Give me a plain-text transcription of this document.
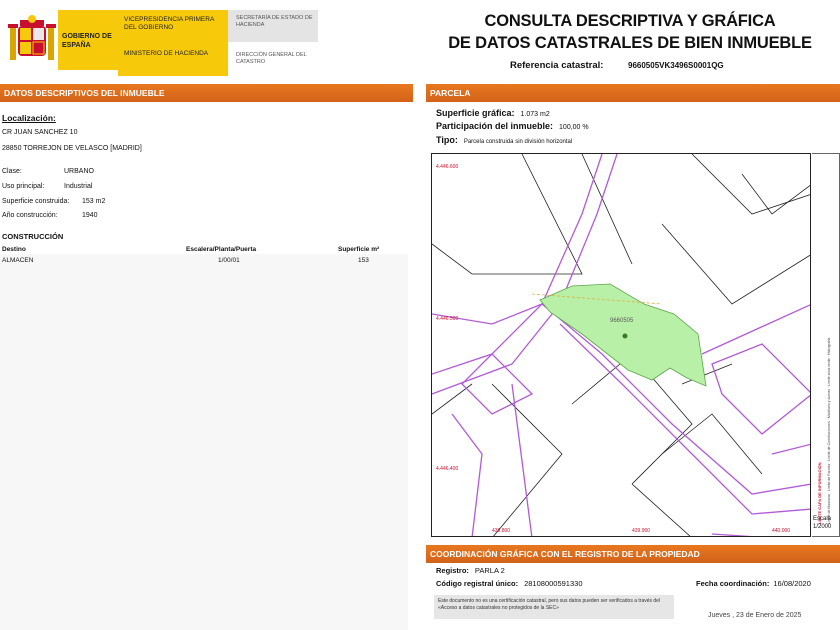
GOBIERNO DE ESPAÑA
VICEPRESIDENCIA PRIMERA DEL GOBIERNO
MINISTERIO DE HACIENDA
SECRETARÍA DE ESTADO DE HACIENDA
DIRECCIÓN GENERAL DEL CATASTRO
CONSULTA DESCRIPTIVA Y GRÁFICA
DE DATOS CATASTRALES DE BIEN INMUEBLE
Referencia catastral:	9660505VK3496S0001QG
DATOS DESCRIPTIVOS DEL INMUEBLE
Localización:
CR JUAN SANCHEZ 10
28850 TORREJON DE VELASCO [MADRID]
Clase:	URBANO
Uso principal:	Industrial
Superficie construida: 153 m2
Año construcción:	1940
CONSTRUCCIÓN
Destino	Escalera/Planta/Puerta	Superficie m²
ALMACEN	1/00/01	153
PARCELA
Superficie gráfica: 1.073 m2
Participación del inmueble: 100,00 %
Tipo: Parcela construida sin división horizontal
9660505
4.446.600
4.446.500
4.446.400
439.800	439.900	440.000
LÍMITE CAPA DE INFORMACIÓN Límite de Manzana · Límite de Parcela · Límite de Construcciones · Mobiliario y aceras · Límite zona verde · Hidrografía
Escala 1/2000
COORDINACIÓN GRÁFICA CON EL REGISTRO DE LA PROPIEDAD
Registro: PARLA 2
Código registral único: 28108000591330	Fecha coordinación: 16/08/2020
Este documento no es una certificación catastral, pero sus datos pueden ser verificados a través del «Acceso a datos catastrales no protegidos de la SEC»
Jueves , 23 de Enero de 2025
